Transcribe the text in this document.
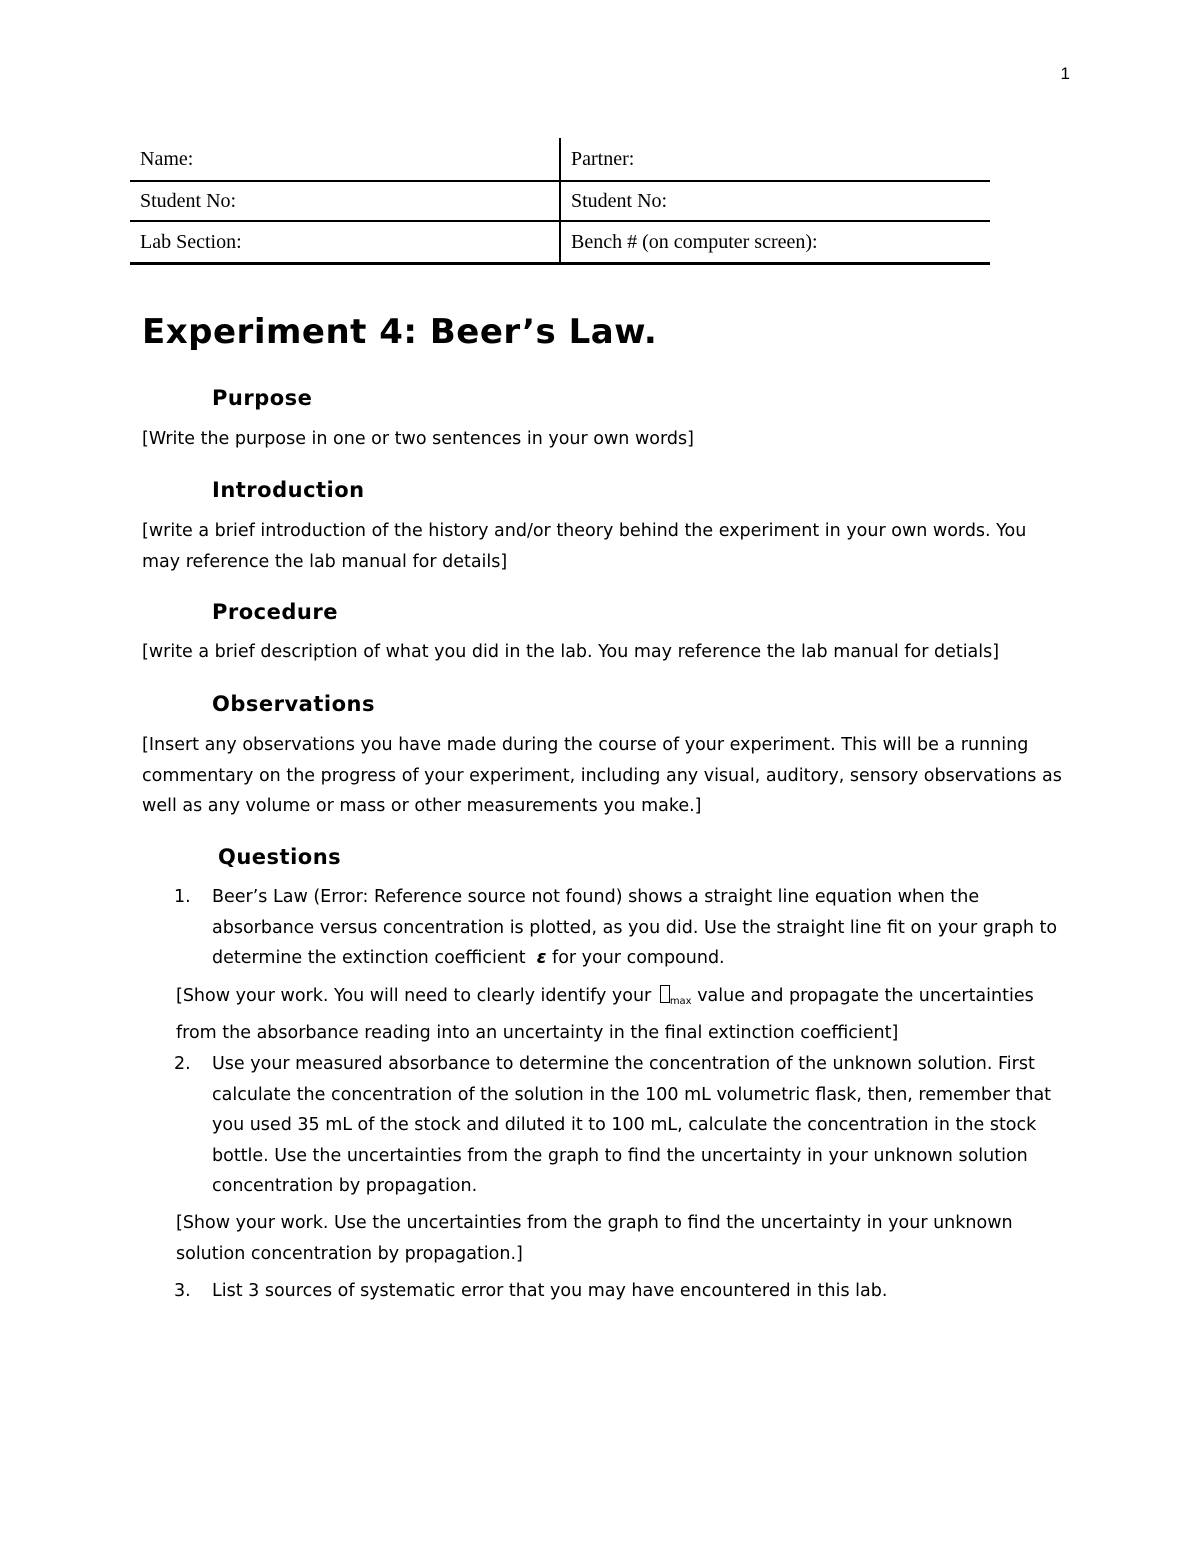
1
Name:	Partner:
Student No:	Student No:
Lab Section:	Bench # (on computer screen):
Experiment 4: Beer’s Law.
Purpose

[Write the purpose in one or two sentences in your own words]

Introduction

[write a brief introduction of the history and/or theory behind the experiment in your own words. You may reference the lab manual for details]

Procedure

[write a brief description of what you did in the lab. You may reference the lab manual for detials]

Observations

[Insert any observations you have made during the course of your experiment. This will be a running commentary on the progress of your experiment, including any visual, auditory, sensory observations as well as any volume or mass or other measurements you make.]

Questions
1.	Beer’s Law (Error: Reference source not found) shows a straight line equation when the absorbance versus concentration is plotted, as you did. Use the straight line fit on your graph to determine the extinction coefficient ε for your compound.

[Show your work. You will need to clearly identify your $_{max}$ value and propagate the uncertainties from the absorbance reading into an uncertainty in the final extinction coefficient]

2.	Use your measured absorbance to determine the concentration of the unknown solution. First calculate the concentration of the solution in the 100 mL volumetric flask, then, remember that you used 35 mL of the stock and diluted it to 100 mL, calculate the concentration in the stock bottle. Use the uncertainties from the graph to find the uncertainty in your unknown solution concentration by propagation.

[Show your work. Use the uncertainties from the graph to find the uncertainty in your unknown solution concentration by propagation.]

3.	List 3 sources of systematic error that you may have encountered in this lab.
